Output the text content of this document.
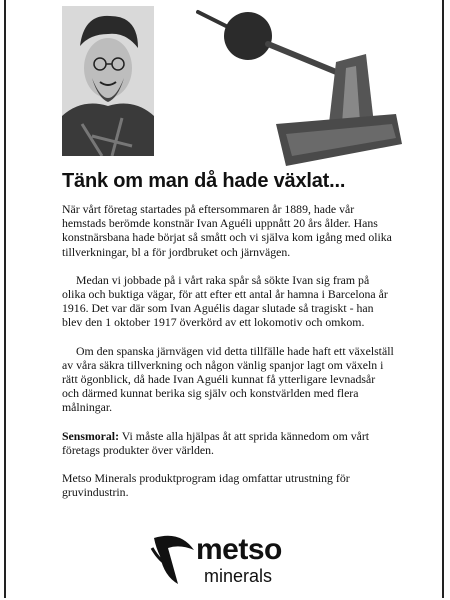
Tänk om man då hade växlat...

När vårt företag startades på eftersommaren år 1889, hade vår hemstads berömde konstnär Ivan Aguéli uppnått 20 års ålder. Hans konstnärsbana hade börjat så smått och vi själva kom igång med olika tillverkningar, bl a för jordbruket och järnvägen.

Medan vi jobbade på i vårt raka spår så sökte Ivan sig fram på olika och buktiga vägar, för att efter ett antal år hamna i Barcelona år 1916. Det var där som Ivan Aguélis dagar slutade så tragiskt - han blev den 1 oktober 1917 överkörd av ett lokomotiv och omkom.

Om den spanska järnvägen vid detta tillfälle hade haft ett växelställ av våra säkra tillverkning och någon vänlig spanjor lagt om växeln i rätt ögonblick, då hade Ivan Aguéli kunnat få ytterligare levnadsår och därmed kunnat berika sig själv och konstvärlden med flera målningar.

Sensmoral: Vi måste alla hjälpas åt att sprida kännedom om vårt företags produkter över världen.

Metso Minerals produktprogram idag omfattar utrustning för gruvindustrin.

metso
minerals
